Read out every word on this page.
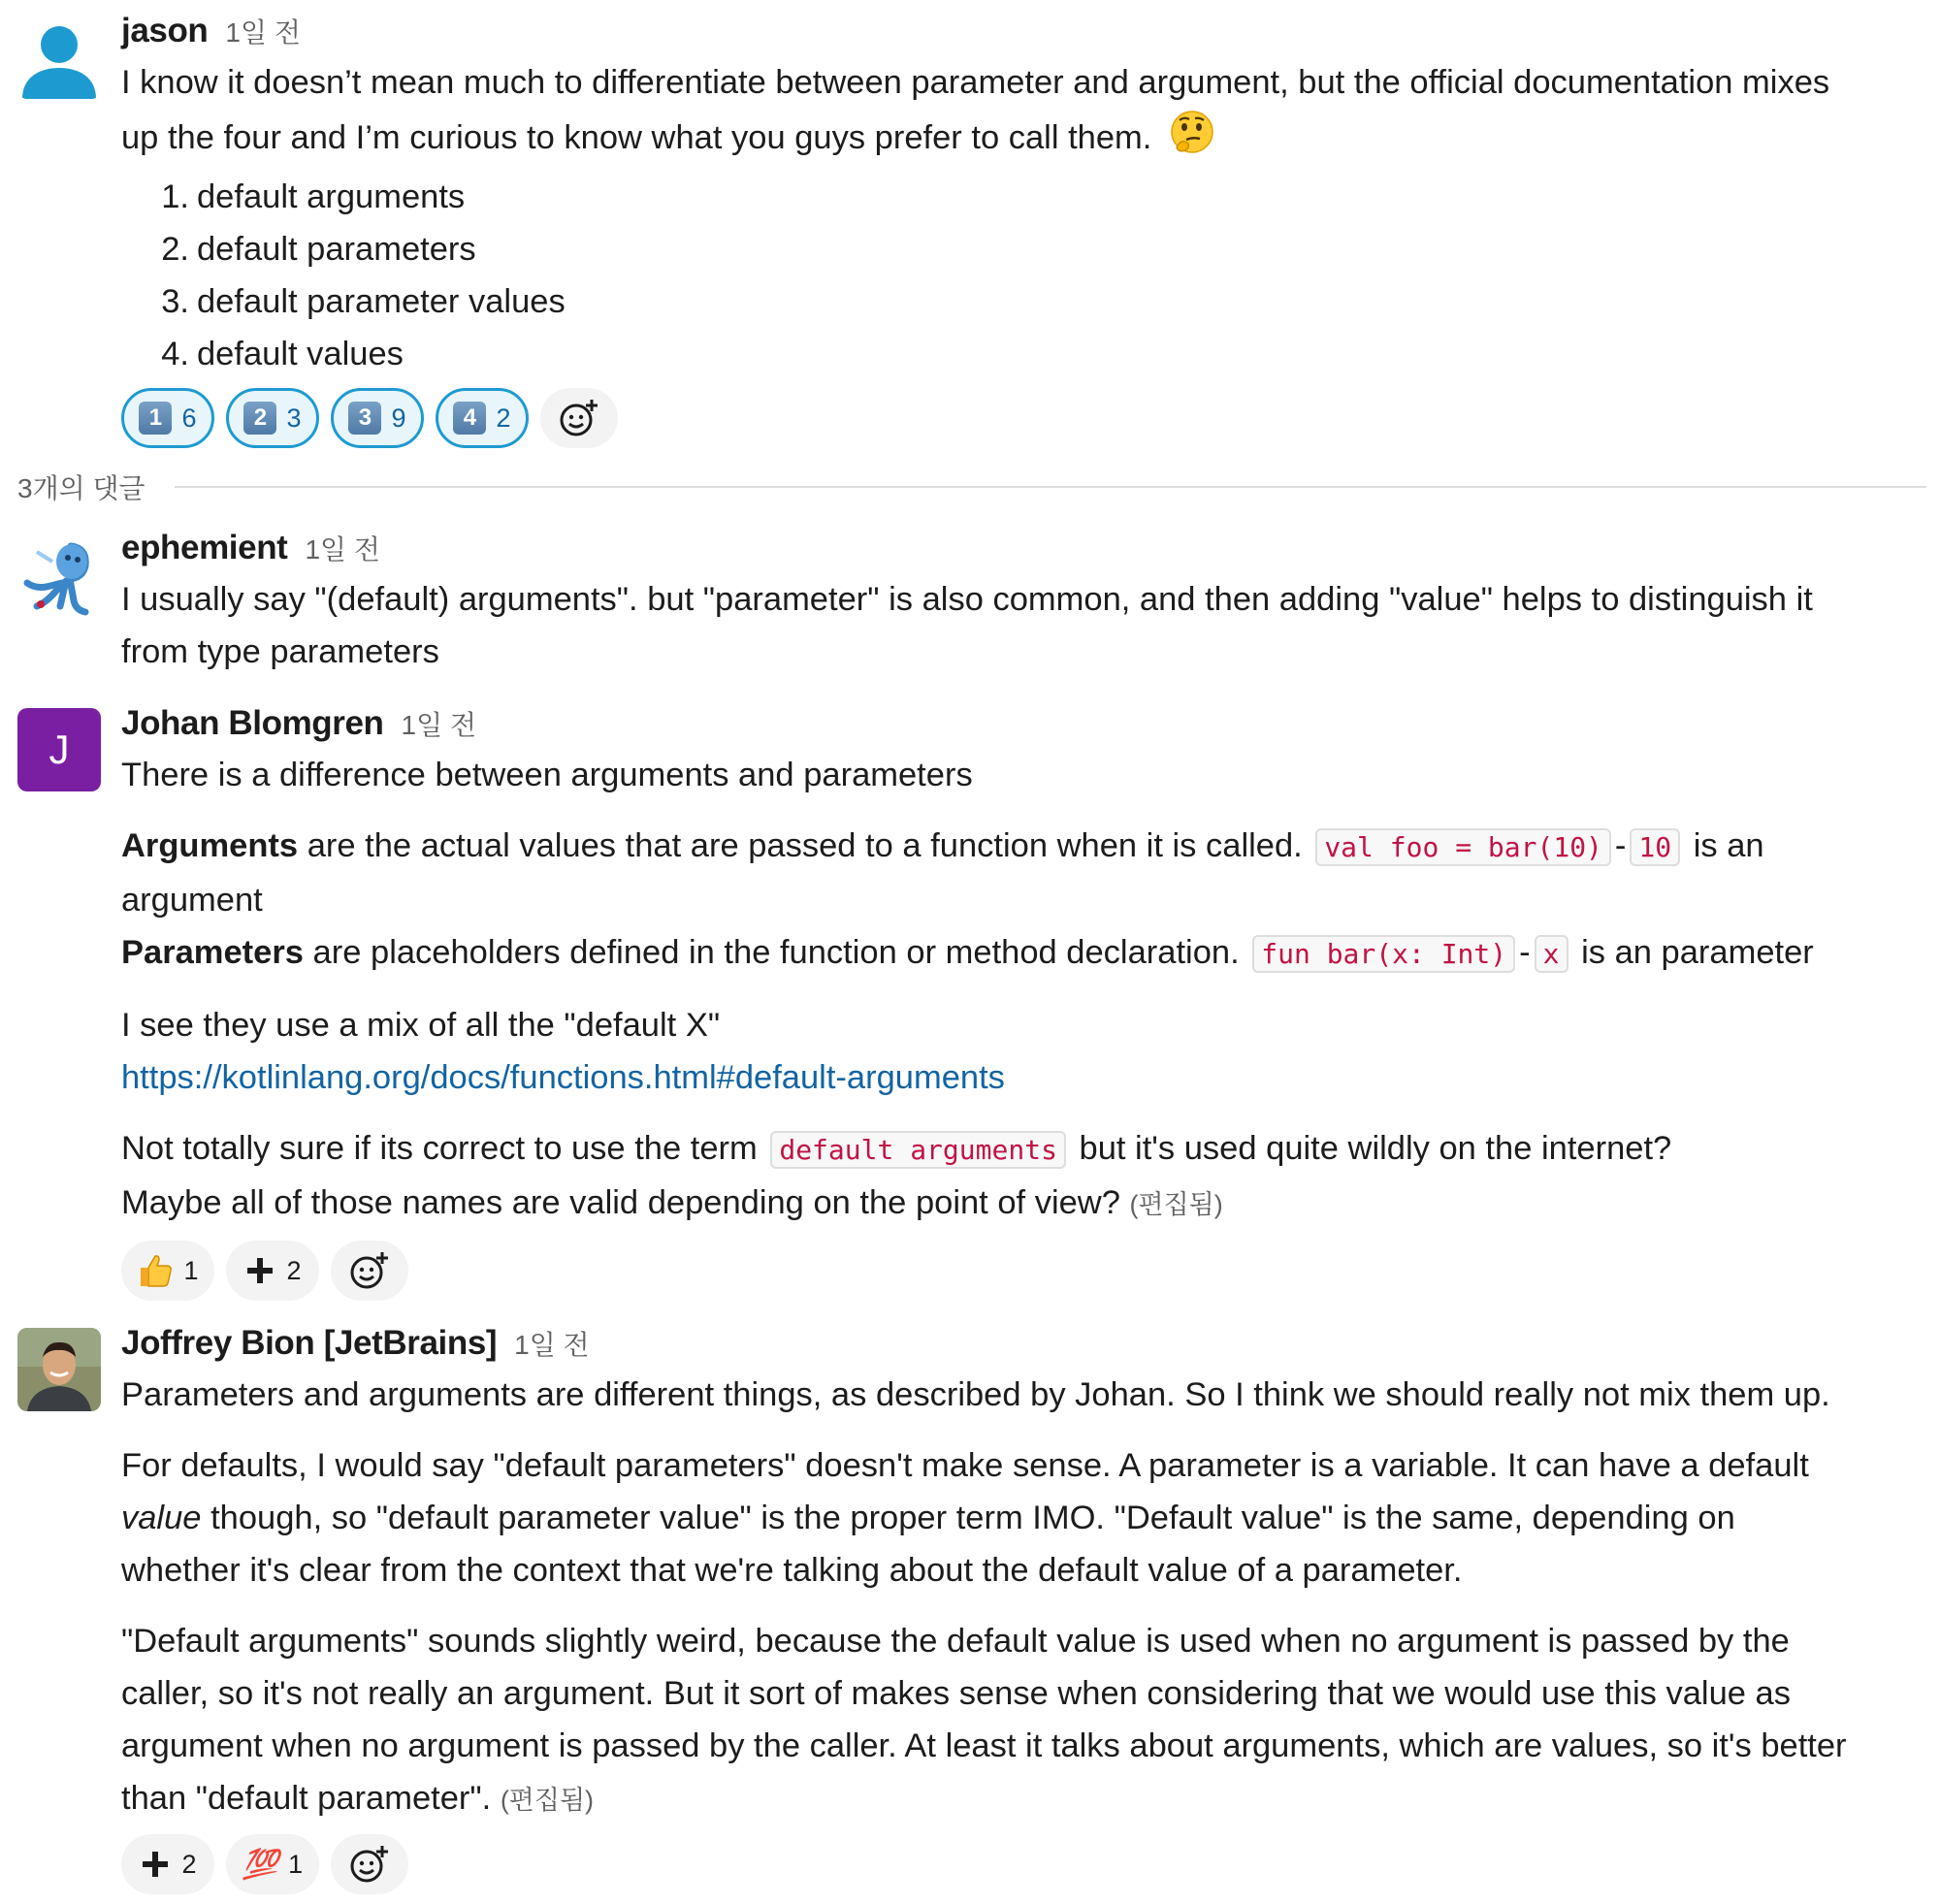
jason 1일 전
I know it doesn’t mean much to differentiate between parameter and argument, but the official documentation mixes
up the four and I’m curious to know what you guys prefer to call them.
1. default arguments
2. default parameters
3. default parameter values
4. default values
1 6	2 3	3 9	4 2
3개의 댓글
ephemient 1일 전
I usually say "(default) arguments". but "parameter" is also common, and then adding "value" helps to distinguish it
from type parameters
J
Johan Blomgren 1일 전
There is a difference between arguments and parameters
Arguments are the actual values that are passed to a function when it is called. val foo = bar(10) - 10 is an
argument
Parameters are placeholders defined in the function or method declaration. fun bar(x: Int) - x is an parameter
I see they use a mix of all the "default X"
https://kotlinlang.org/docs/functions.html#default-arguments
Not totally sure if its correct to use the term default arguments but it's used quite wildly on the internet?
Maybe all of those names are valid depending on the point of view? (편집됨)
1	2
Joffrey Bion [JetBrains] 1일 전
Parameters and arguments are different things, as described by Johan. So I think we should really not mix them up.
For defaults, I would say "default parameters" doesn't make sense. A parameter is a variable. It can have a default
value though, so "default parameter value" is the proper term IMO. "Default value" is the same, depending on
whether it's clear from the context that we're talking about the default value of a parameter.
"Default arguments" sounds slightly weird, because the default value is used when no argument is passed by the
caller, so it's not really an argument. But it sort of makes sense when considering that we would use this value as
argument when no argument is passed by the caller. At least it talks about arguments, which are values, so it's better
than "default parameter". (편집됨)
2 💯 1
